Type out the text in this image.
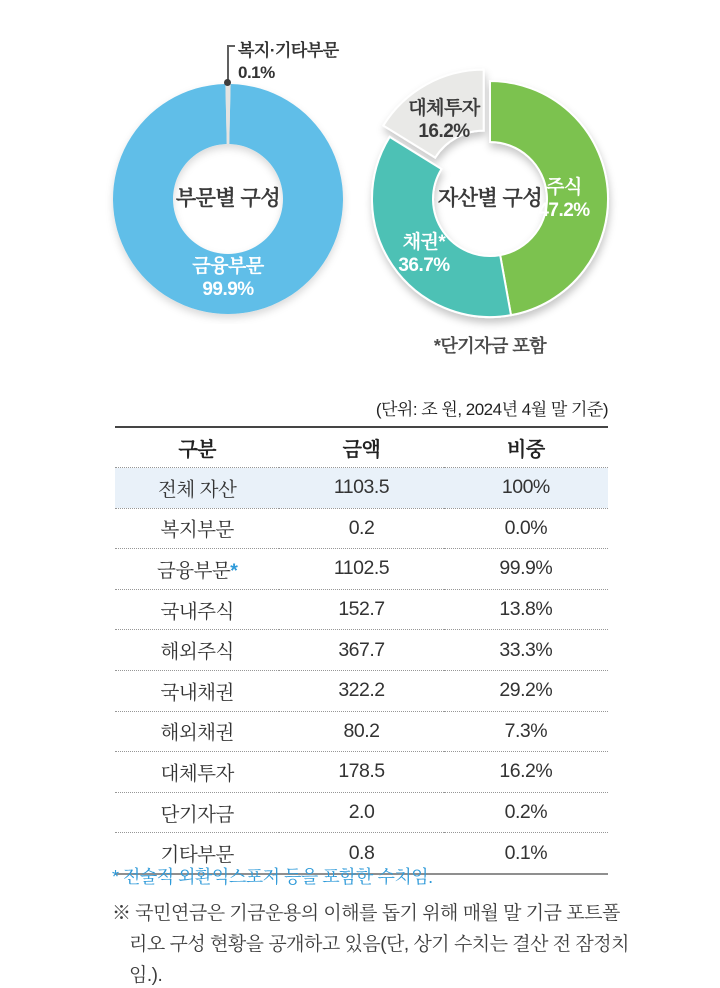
부문별 구성
금융부문
99.9%
복지·기타부문
0.1%
자산별 구성 주식
47.2%
채권*
36.7%
대체투자
16.2%
*단기자금 포함
(단위: 조 원, 2024년 4월 말 기준)
구분	금액	비중
전체 자산	1103.5	100%
복지부문	0.2	0.0%
금융부문*	1102.5	99.9%
국내주식	152.7	13.8%
해외주식	367.7	33.3%
국내채권	322.2	29.2%
해외채권	80.2	7.3%
대체투자	178.5	16.2%
단기자금	2.0	0.2%
기타부문	0.8	0.1%
* 전술적 외환익스포저 등을 포함한 수치임.
※ 국민연금은 기금운용의 이해를 돕기 위해 매월 말 기금 포트폴리오 구성 현황을 공개하고 있음(단, 상기 수치는 결산 전 잠정치임.).
